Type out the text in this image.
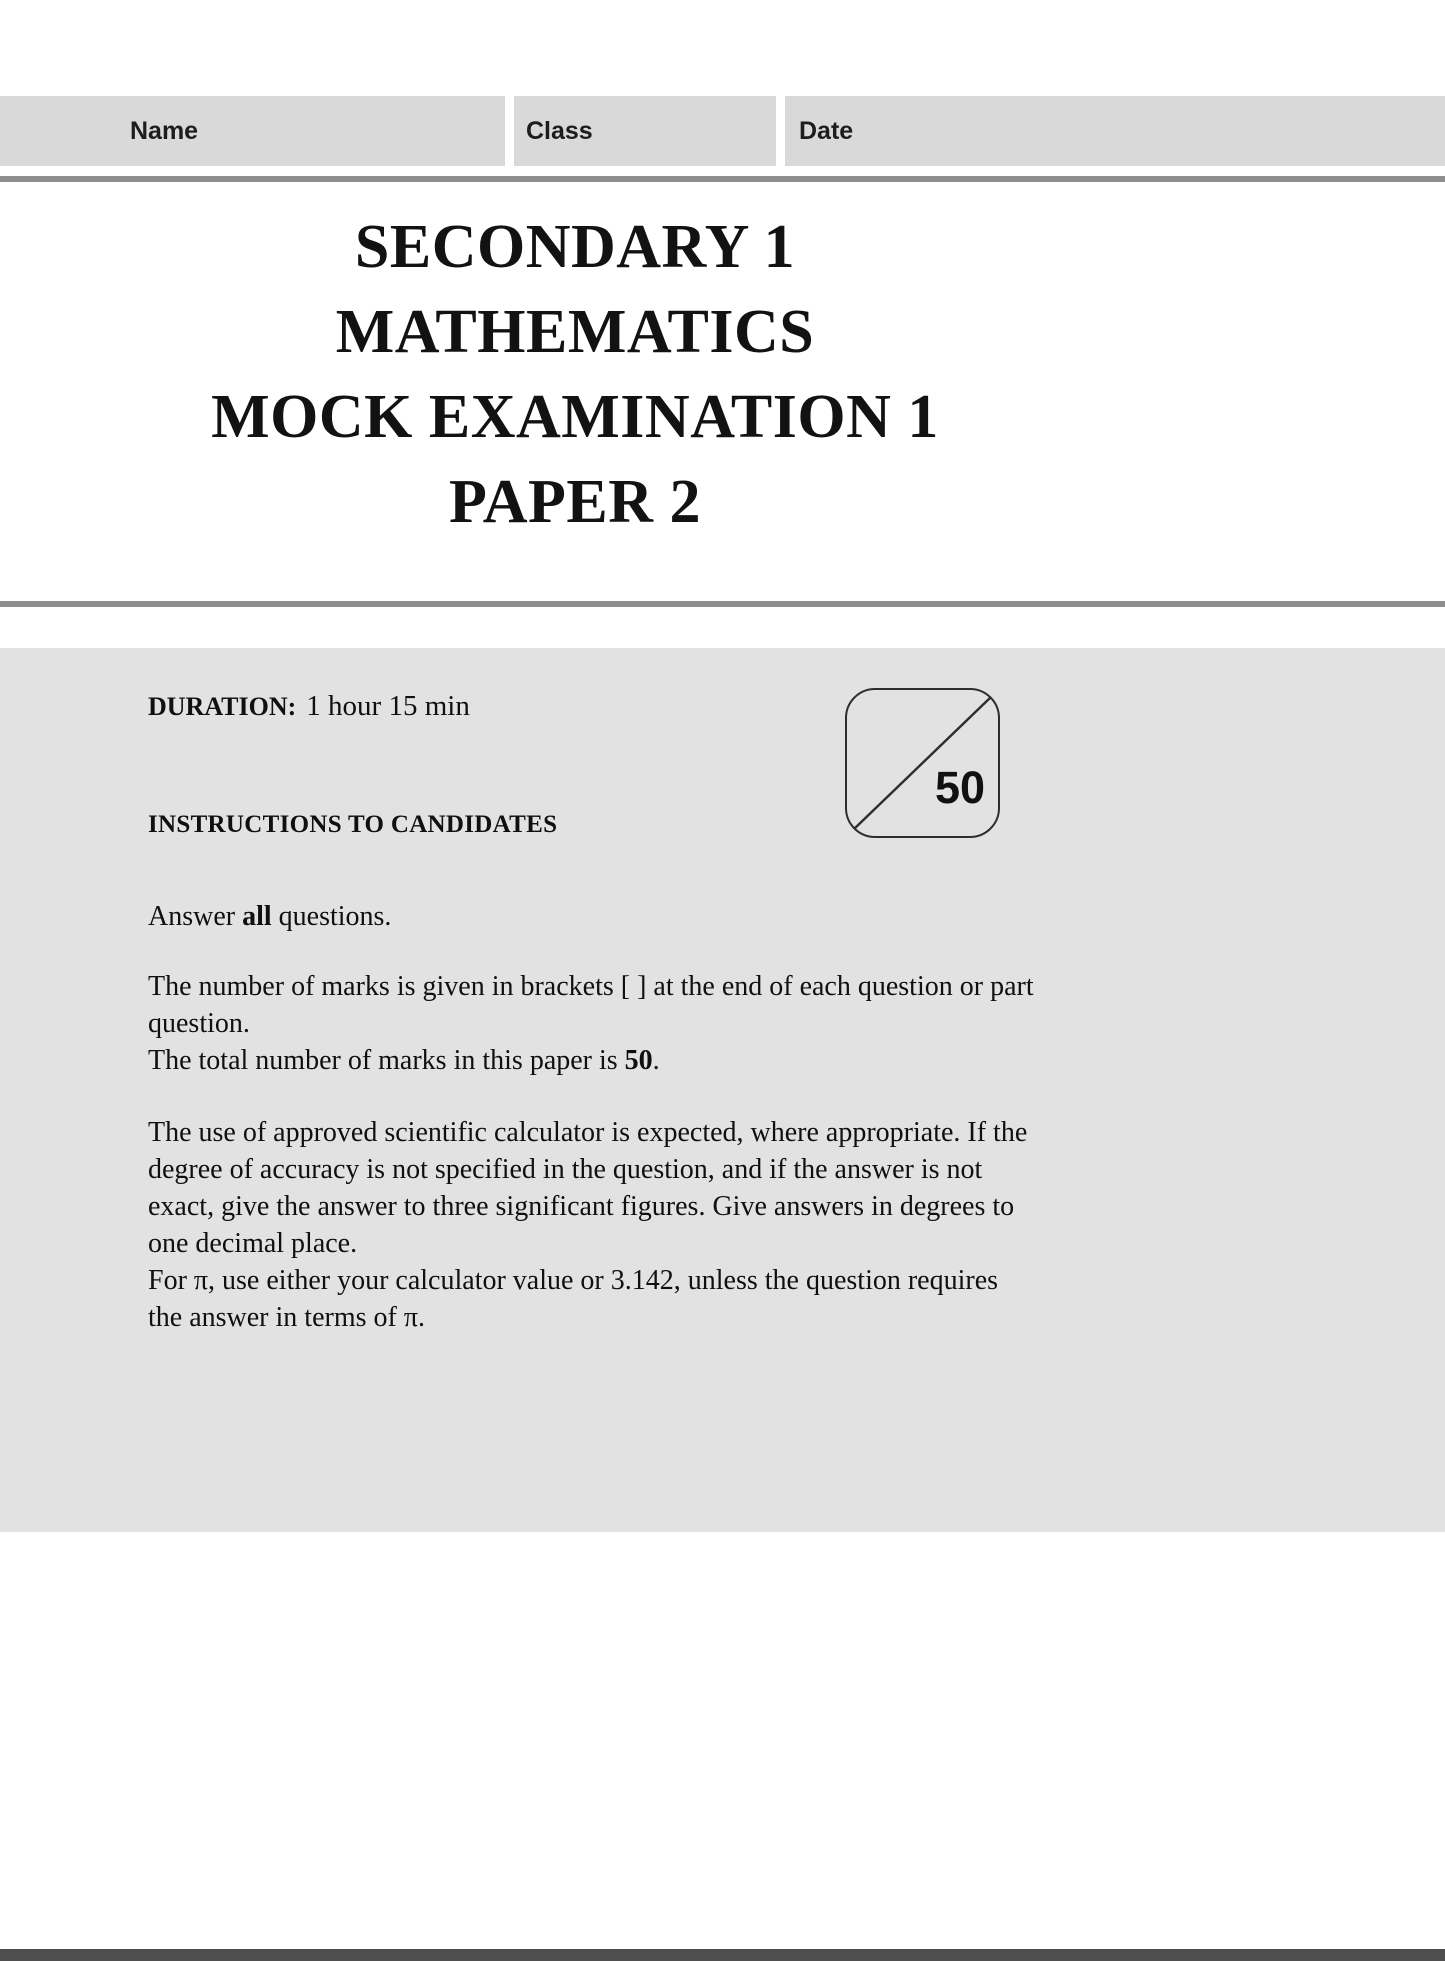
Name	Class	Date
SECONDARY 1
MATHEMATICS
MOCK EXAMINATION 1
PAPER 2
DURATION: 1 hour 15 min
50
INSTRUCTIONS TO CANDIDATES
Answer all questions.
The number of marks is given in brackets [ ] at the end of each question or part question.
The total number of marks in this paper is 50.
The use of approved scientific calculator is expected, where appropriate. If the degree of accuracy is not specified in the question, and if the answer is not exact, give the answer to three significant figures. Give answers in degrees to one decimal place.
For π, use either your calculator value or 3.142, unless the question requires the answer in terms of π.
